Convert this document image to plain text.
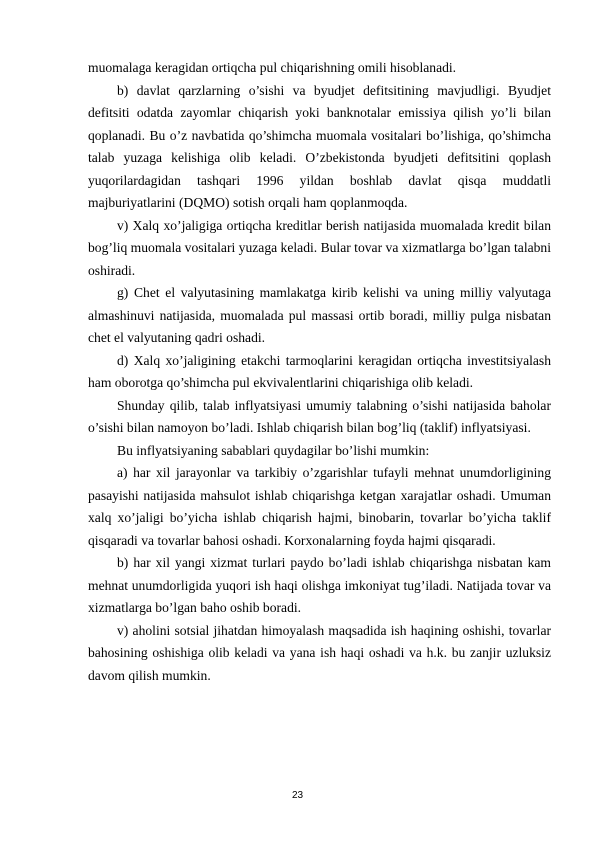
muomalaga keragidan ortiqcha pul chiqarishning omili hisoblanadi.

b) davlat qarzlarning o’sishi va byudjet defitsitining mavjudligi. Byudjet defitsiti odatda zayomlar chiqarish yoki banknotalar emissiya qilish yo’li bilan qoplanadi. Bu o’z navbatida qo’shimcha muomala vositalari bo’lishiga, qo’shimcha talab yuzaga kelishiga olib keladi. O’zbekistonda byudjeti defitsitini qoplash yuqorilardagidan tashqari 1996 yildan boshlab davlat qisqa muddatli majburiyatlarini (DQMO) sotish orqali ham qoplanmoqda.

v) Xalq xo’jaligiga ortiqcha kreditlar berish natijasida muomalada kredit bilan bog’liq muomala vositalari yuzaga keladi. Bular tovar va xizmatlarga bo’lgan talabni oshiradi.

g) Chet el valyutasining mamlakatga kirib kelishi va uning milliy valyutaga almashinuvi natijasida, muomalada pul massasi ortib boradi, milliy pulga nisbatan chet el valyutaning qadri oshadi.

d) Xalq xo’jaligining etakchi tarmoqlarini keragidan ortiqcha investitsiyalash ham oborotga qo’shimcha pul ekvivalentlarini chiqarishiga olib keladi.

Shunday qilib, talab inflyatsiyasi umumiy talabning o’sishi natijasida baholar o’sishi bilan namoyon bo’ladi. Ishlab chiqarish bilan bog’liq (taklif) inflyatsiyasi.

Bu inflyatsiyaning sabablari quydagilar bo’lishi mumkin:

a) har xil jarayonlar va tarkibiy o’zgarishlar tufayli mehnat unumdorligining pasayishi natijasida mahsulot ishlab chiqarishga ketgan xarajatlar oshadi. Umuman xalq xo’jaligi bo’yicha ishlab chiqarish hajmi, binobarin, tovarlar bo’yicha taklif qisqaradi va tovarlar bahosi oshadi. Korxonalarning foyda hajmi qisqaradi.

b) har xil yangi xizmat turlari paydo bo’ladi ishlab chiqarishga nisbatan kam mehnat unumdorligida yuqori ish haqi olishga imkoniyat tug’iladi. Natijada tovar va xizmatlarga bo’lgan baho oshib boradi.

v) aholini sotsial jihatdan himoyalash maqsadida ish haqining oshishi, tovarlar bahosining oshishiga olib keladi va yana ish haqi oshadi va h.k. bu zanjir uzluksiz davom qilish mumkin.

23
